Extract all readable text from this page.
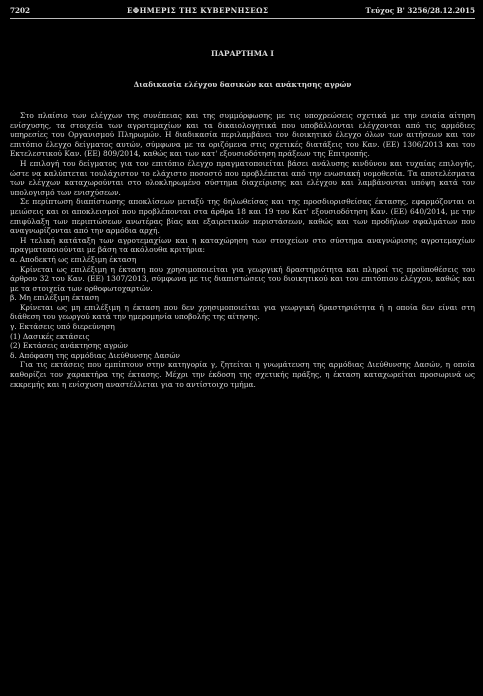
7202	ΕΦΗΜΕΡΙΣ ΤΗΣ ΚΥΒΕΡΝΗΣΕΩΣ	Τεύχος Β' 3256/28.12.2015
ΠΑΡΑΡΤΗΜΑ Ι
Διαδικασία ελέγχου δασικών και ανάκτησης αγρών

Στο πλαίσιο των ελέγχων της συνέπειας και της συμμόρφωσης με τις υποχρεώσεις σχετικά με την ενιαία αίτηση ενίσχυσης, τα στοιχεία των αγροτεμαχίων και τα δικαιολογητικά που υποβάλλονται ελέγχονται από τις αρμόδιες υπηρεσίες του Οργανισμού Πληρωμών. Η διαδικασία περιλαμβάνει τον διοικητικό έλεγχο όλων των αιτήσεων και τον επιτόπιο έλεγχο δείγματος αυτών, σύμφωνα με τα οριζόμενα στις σχετικές διατάξεις του Καν. (ΕΕ) 1306/2013 και του Εκτελεστικού Καν. (ΕΕ) 809/2014, καθώς και των κατ' εξουσιοδότηση πράξεων της Επιτροπής.

Η επιλογή του δείγματος για τον επιτόπιο έλεγχο πραγματοποιείται βάσει ανάλυσης κινδύνου και τυχαίας επιλογής, ώστε να καλύπτεται τουλάχιστον το ελάχιστο ποσοστό που προβλέπεται από την ενωσιακή νομοθεσία. Τα αποτελέσματα των ελέγχων καταχωρούνται στο ολοκληρωμένο σύστημα διαχείρισης και ελέγχου και λαμβάνονται υπόψη κατά τον υπολογισμό των ενισχύσεων.

Σε περίπτωση διαπίστωσης αποκλίσεων μεταξύ της δηλωθείσας και της προσδιορισθείσας έκτασης, εφαρμόζονται οι μειώσεις και οι αποκλεισμοί που προβλέπονται στα άρθρα 18 και 19 του Κατ' εξουσιοδότηση Καν. (ΕΕ) 640/2014, με την επιφύλαξη των περιπτώσεων ανωτέρας βίας και εξαιρετικών περιστάσεων, καθώς και των προδήλων σφαλμάτων που αναγνωρίζονται από την αρμόδια αρχή.

Η τελική κατάταξη των αγροτεμαχίων και η καταχώρηση των στοιχείων στο σύστημα αναγνώρισης αγροτεμαχίων πραγματοποιούνται με βάση τα ακόλουθα κριτήρια:

α. Αποδεκτή ως επιλέξιμη έκταση

Κρίνεται ως επιλέξιμη η έκταση που χρησιμοποιείται για γεωργική δραστηριότητα και πληροί τις προϋποθέσεις του άρθρου 32 του Καν. (ΕΕ) 1307/2013, σύμφωνα με τις διαπιστώσεις του διοικητικού και του επιτόπιου ελέγχου, καθώς και με τα στοιχεία των ορθοφωτοχαρτών.

β. Μη επιλέξιμη έκταση

Κρίνεται ως μη επιλέξιμη η έκταση που δεν χρησιμοποιείται για γεωργική δραστηριότητα ή η οποία δεν είναι στη διάθεση του γεωργού κατά την ημερομηνία υποβολής της αίτησης.

γ. Εκτάσεις υπό διερεύνηση

(1) Δασικές εκτάσεις

(2) Εκτάσεις ανάκτησης αγρών

δ. Απόφαση της αρμόδιας Διεύθυνσης Δασών

Για τις εκτάσεις που εμπίπτουν στην κατηγορία γ, ζητείται η γνωμάτευση της αρμόδιας Διεύθυνσης Δασών, η οποία καθορίζει τον χαρακτήρα της έκτασης. Μέχρι την έκδοση της σχετικής πράξης, η έκταση καταχωρείται προσωρινά ως εκκρεμής και η ενίσχυση αναστέλλεται για το αντίστοιχο τμήμα.
